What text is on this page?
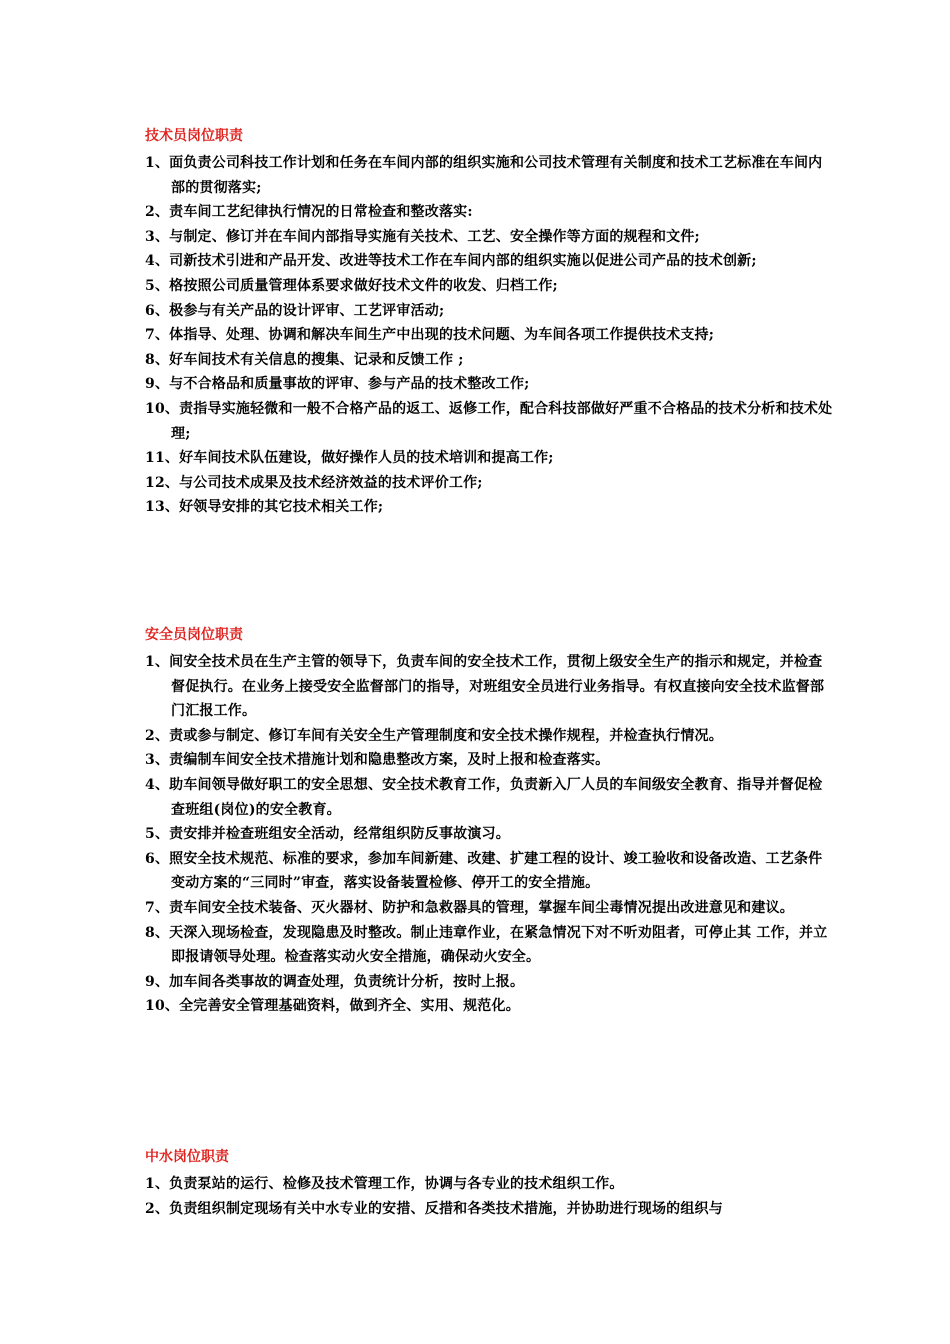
技术员岗位职责
1、面负责公司科技工作计划和任务在车间内部的组织实施和公司技术管理有关制度和技术工艺标准在车间内部的贯彻落实;
2、责车间工艺纪律执行情况的日常检查和整改落实:
3、与制定、修订并在车间内部指导实施有关技术、工艺、安全操作等方面的规程和文件;
4、司新技术引进和产品开发、改进等技术工作在车间内部的组织实施以促进公司产品的技术创新;
5、格按照公司质量管理体系要求做好技术文件的收发、归档工作;
6、极参与有关产品的设计评审、工艺评审活动;
7、体指导、处理、协调和解决车间生产中出现的技术问题、为车间各项工作提供技术支持;
8、好车间技术有关信息的搜集、记录和反馈工作 ;
9、与不合格品和质量事故的评审、参与产品的技术整改工作;
10、责指导实施轻微和一般不合格产品的返工、返修工作，配合科技部做好严重不合格品的技术分析和技术处理;
11、好车间技术队伍建设，做好操作人员的技术培训和提高工作;
12、与公司技术成果及技术经济效益的技术评价工作;
13、好领导安排的其它技术相关工作;
安全员岗位职责
1、间安全技术员在生产主管的领导下，负责车间的安全技术工作，贯彻上级安全生产的指示和规定，并检查督促执行。在业务上接受安全监督部门的指导，对班组安全员进行业务指导。有权直接向安全技术监督部门汇报工作。
2、责或参与制定、修订车间有关安全生产管理制度和安全技术操作规程，并检查执行情况。
3、责编制车间安全技术措施计划和隐患整改方案，及时上报和检查落实。
4、助车间领导做好职工的安全思想、安全技术教育工作，负责新入厂人员的车间级安全教育、指导并督促检查班组(岗位)的安全教育。
5、责安排并检查班组安全活动，经常组织防反事故演习。
6、照安全技术规范、标准的要求，参加车间新建、改建、扩建工程的设计、竣工验收和设备改造、工艺条件变动方案的“三同时”审查，落实设备装置检修、停开工的安全措施。
7、责车间安全技术装备、灭火器材、防护和急救器具的管理，掌握车间尘毒情况提出改进意见和建议。
8、天深入现场检查，发现隐患及时整改。制止违章作业，在紧急情况下对不听劝阻者，可停止其 工作，并立即报请领导处理。检查落实动火安全措施，确保动火安全。
9、加车间各类事故的调查处理，负责统计分析，按时上报。
10、全完善安全管理基础资料，做到齐全、实用、规范化。
中水岗位职责
1、负责泵站的运行、检修及技术管理工作，协调与各专业的技术组织工作。
2、负责组织制定现场有关中水专业的安措、反措和各类技术措施，并协助进行现场的组织与
